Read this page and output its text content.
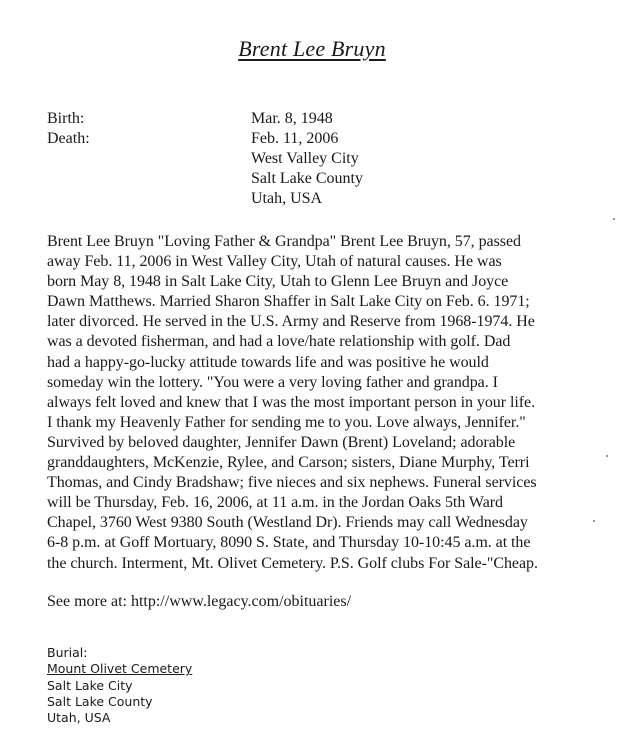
Brent Lee Bruyn
Birth:	Mar. 8, 1948
Death:	Feb. 11, 2006
West Valley City
Salt Lake County
Utah, USA
Brent Lee Bruyn "Loving Father & Grandpa" Brent Lee Bruyn, 57, passed
away Feb. 11, 2006 in West Valley City, Utah of natural causes. He was
born May 8, 1948 in Salt Lake City, Utah to Glenn Lee Bruyn and Joyce
Dawn Matthews. Married Sharon Shaffer in Salt Lake City on Feb. 6. 1971;
later divorced. He served in the U.S. Army and Reserve from 1968-1974. He
was a devoted fisherman, and had a love/hate relationship with golf. Dad
had a happy-go-lucky attitude towards life and was positive he would
someday win the lottery. "You were a very loving father and grandpa. I
always felt loved and knew that I was the most important person in your life.
I thank my Heavenly Father for sending me to you. Love always, Jennifer."
Survived by beloved daughter, Jennifer Dawn (Brent) Loveland; adorable
granddaughters, McKenzie, Rylee, and Carson; sisters, Diane Murphy, Terri
Thomas, and Cindy Bradshaw; five nieces and six nephews. Funeral services
will be Thursday, Feb. 16, 2006, at 11 a.m. in the Jordan Oaks 5th Ward
Chapel, 3760 West 9380 South (Westland Dr). Friends may call Wednesday
6-8 p.m. at Goff Mortuary, 8090 S. State, and Thursday 10-10:45 a.m. at the
the church. Interment, Mt. Olivet Cemetery. P.S. Golf clubs For Sale-"Cheap.
See more at: http://www.legacy.com/obituaries/
Burial:
Mount Olivet Cemetery
Salt Lake City
Salt Lake County
Utah, USA
